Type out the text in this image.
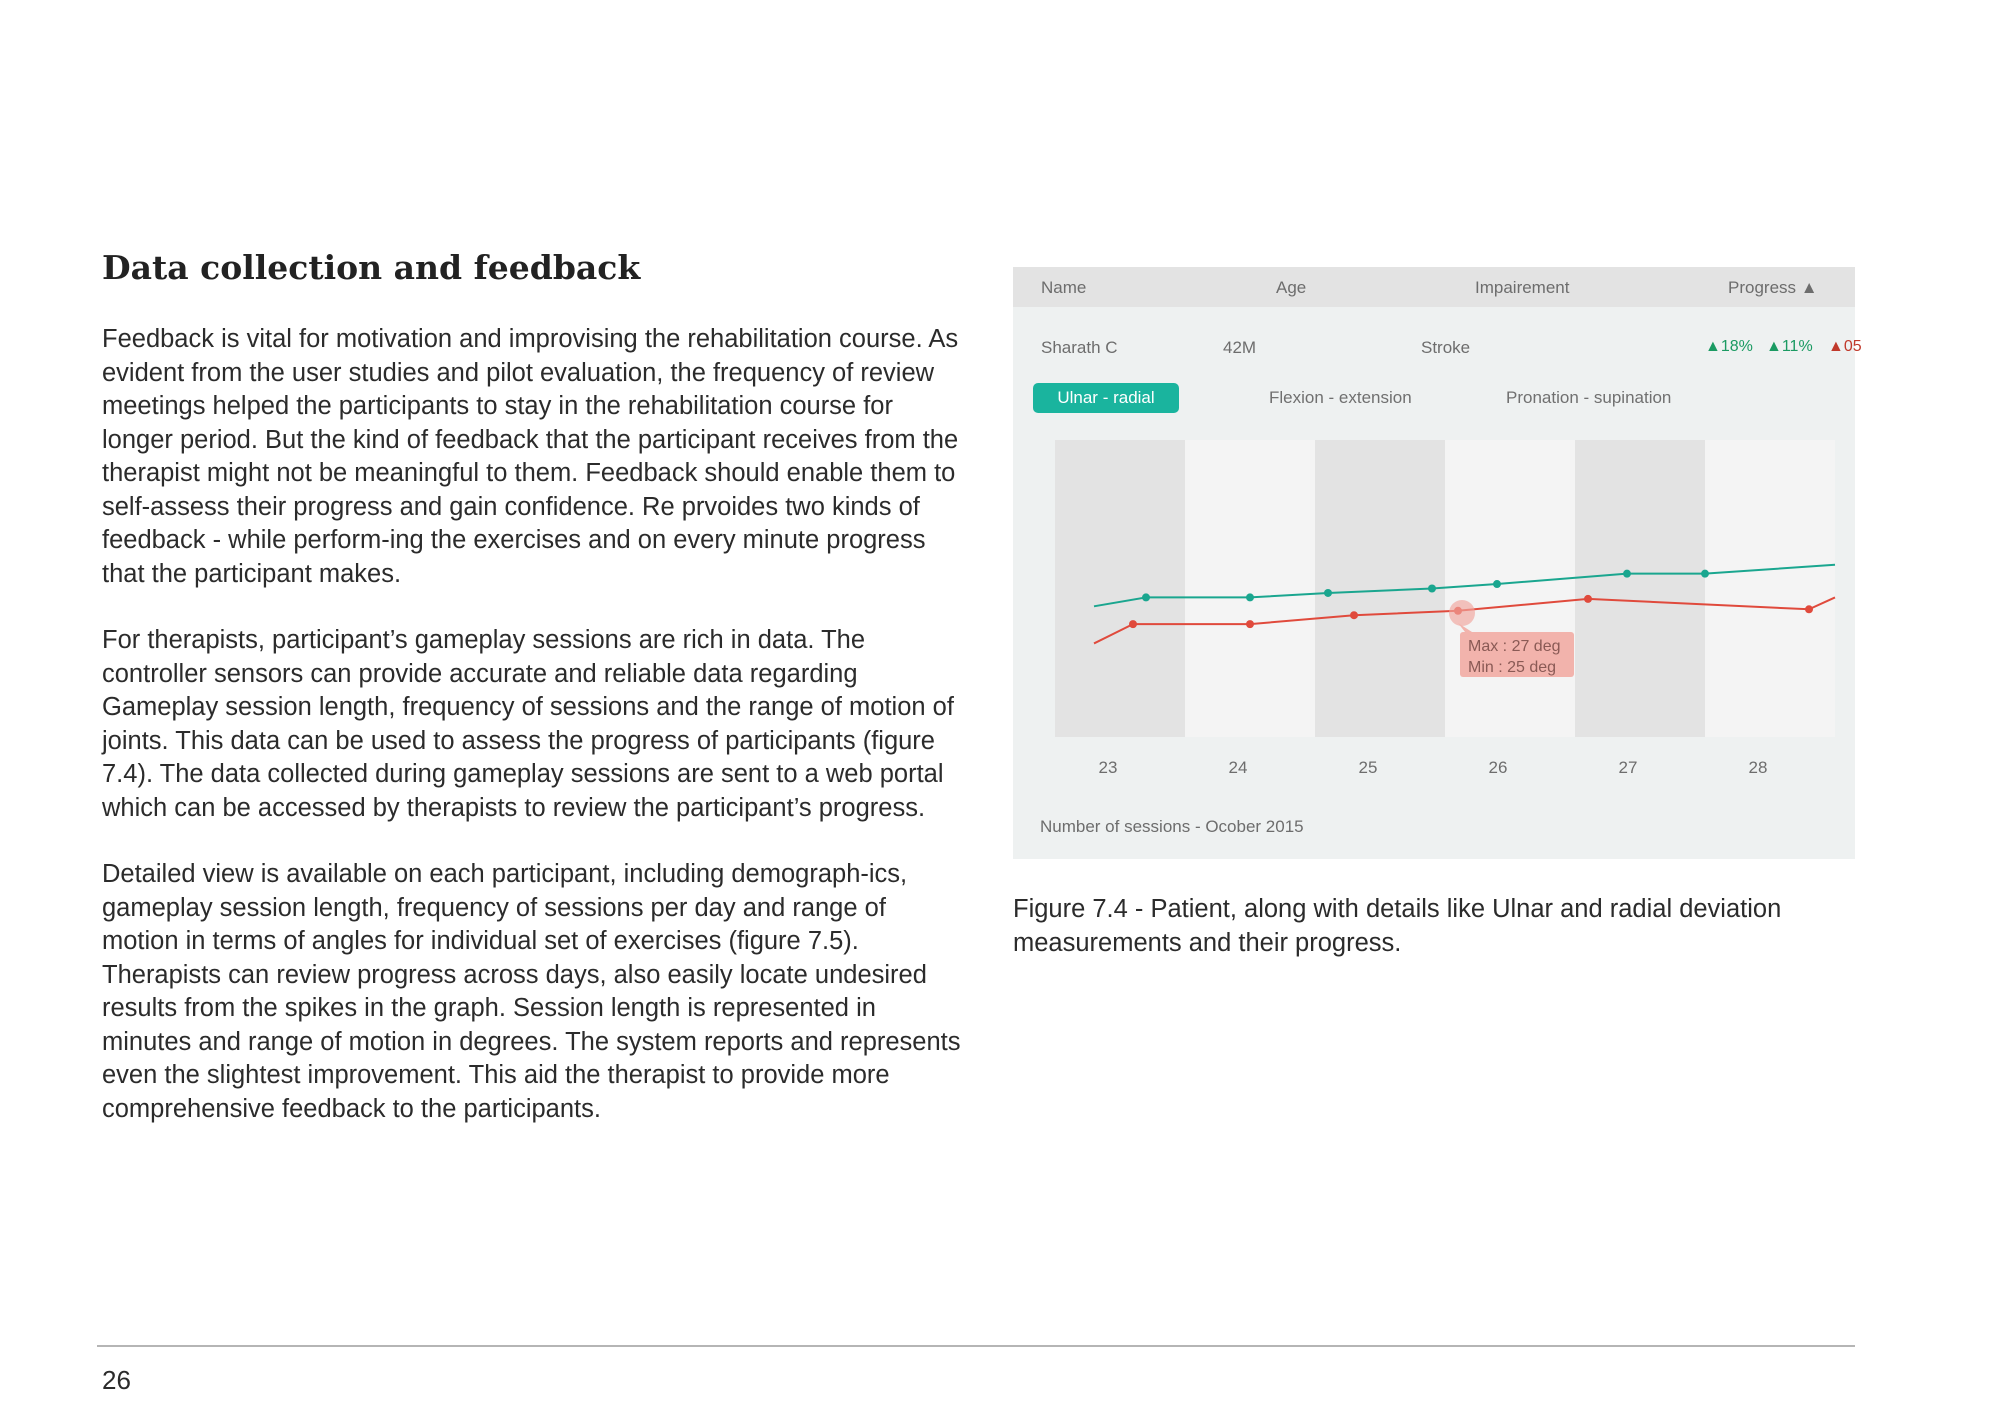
Data collection and feedback

Feedback is vital for motivation and improvising the rehabilitation course. As evident from the user studies and pilot evaluation, the frequency of review meetings helped the participants to stay in the rehabilitation course for longer period. But the kind of feedback that the participant receives from the therapist might not be meaningful to them. Feedback should enable them to self-assess their progress and gain confidence. Re prvoides two kinds of feedback - while perform-ing the exercises and on every minute progress that the participant makes.

For therapists, participant’s gameplay sessions are rich in data. The controller sensors can provide accurate and reliable data regarding Gameplay session length, frequency of sessions and the range of motion of joints. This data can be used to assess the progress of participants (figure 7.4). The data collected during gameplay sessions are sent to a web portal which can be accessed by therapists to review the participant’s progress.

Detailed view is available on each participant, including demograph-ics, gameplay session length, frequency of sessions per day and range of motion in terms of angles for individual set of exercises (figure 7.5). Therapists can review progress across days, also easily locate undesired results from the spikes in the graph. Session length is represented in minutes and range of motion in degrees. The system reports and represents even the slightest improvement. This aid the therapist to provide more comprehensive feedback to the participants.

Name	Age	Impairement	Progress ▲
Sharath C	42M	Stroke	▲18% ▲11% ▲05
Ulnar - radial	Flexion - extension	Pronation - supination
23	24	25	26	27	28
Max : 27 deg
Min : 25 deg
Number of sessions - Ocober 2015

Figure 7.4 - Patient, along with details like Ulnar and radial deviation measurements and their progress.

26
